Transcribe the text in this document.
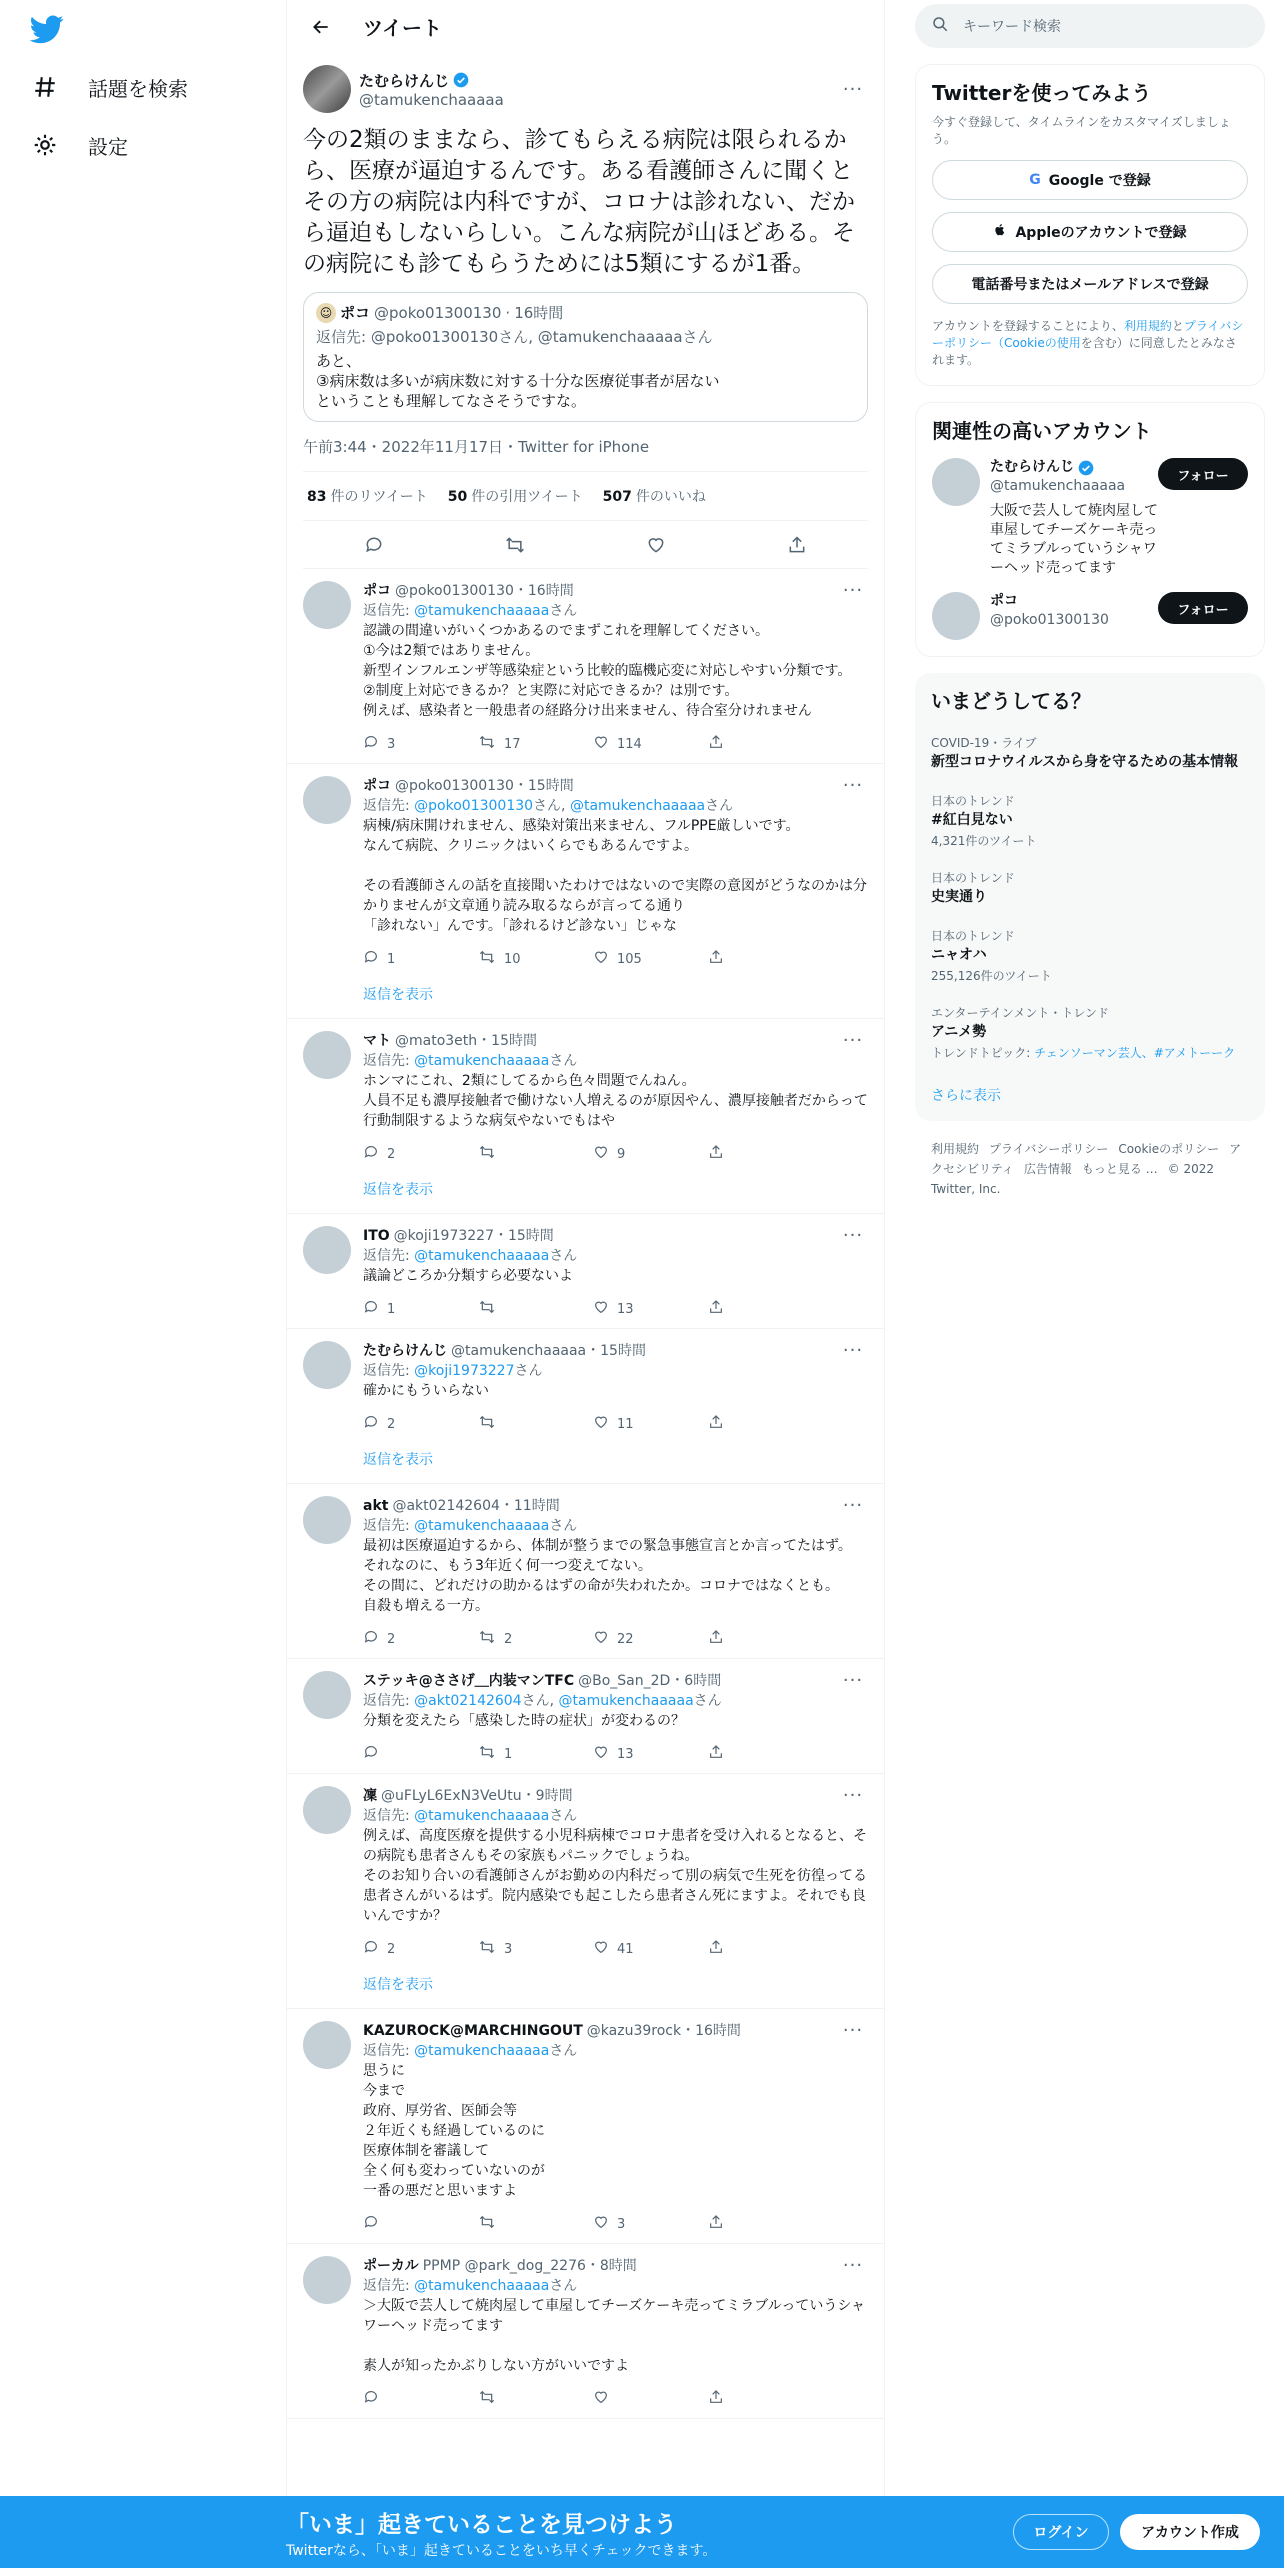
話題を検索
設定
ツイート
たむらけんじ
@tamukenchaaaaa	···
今の2類のままなら、診てもらえる病院は限られるから、医療が逼迫するんです。ある看護師さんに聞くとその方の病院は内科ですが、コロナは診れない、だから逼迫もしないらしい。こんな病院が山ほどある。その病院にも診てもらうためには5類にするが1番。
☺ ポコ @poko01300130 · 16時間
返信先: @poko01300130さん, @tamukenchaaaaaさん
あと、
③病床数は多いが病床数に対する十分な医療従事者が居ない
ということも理解してなさそうですな。
午前3:44・2022年11月17日・Twitter for iPhone
83 件のリツイート 50 件の引用ツイート 507 件のいいね
ポコ @poko01300130・16時間	···
返信先: @tamukenchaaaaaさん
認識の間違いがいくつかあるのでまずこれを理解してください。
①今は2類ではありません。
新型インフルエンザ等感染症という比較的臨機応変に対応しやすい分類です。
②制度上対応できるか？と実際に対応できるか？は別です。
例えば、感染者と一般患者の経路分け出来ません、待合室分けれません
3	17	114
ポコ @poko01300130・15時間	···
返信先: @poko01300130さん, @tamukenchaaaaaさん
病棟/病床開けれません、感染対策出来ません、フルPPE厳しいです。
なんて病院、クリニックはいくらでもあるんですよ。

その看護師さんの話を直接聞いたわけではないので実際の意図がどうなのかは分かりませんが文章通り読み取るならが言ってる通り
「診れない」んです。「診れるけど診ない」じゃな
1	10	105
返信を表示
マト @mato3eth・15時間	···
返信先: @tamukenchaaaaaさん
ホンマにこれ、2類にしてるから色々問題でんねん。
人員不足も濃厚接触者で働けない人増えるのが原因やん、濃厚接触者だからって行動制限するような病気やないでもはや
2	9
返信を表示
ITO @koji1973227・15時間	···
返信先: @tamukenchaaaaaさん
議論どころか分類すら必要ないよ
1	13
たむらけんじ @tamukenchaaaaa・15時間	···
返信先: @koji1973227さん
確かにもういらない
2	11
返信を表示
akt @akt02142604・11時間	···
返信先: @tamukenchaaaaaさん
最初は医療逼迫するから、体制が整うまでの緊急事態宣言とか言ってたはず。
それなのに、もう3年近く何一つ変えてない。
その間に、どれだけの助かるはずの命が失われたか。コロナではなくとも。
自殺も増える一方。
2	2	22
ステッキ@ささげ＿内装マンTFC @Bo_San_2D・6時間	···
返信先: @akt02142604さん, @tamukenchaaaaaさん
分類を変えたら「感染した時の症状」が変わるの？
1	13
凜 @uFLyL6ExN3VeUtu・9時間	···
返信先: @tamukenchaaaaaさん
例えば、高度医療を提供する小児科病棟でコロナ患者を受け入れるとなると、その病院も患者さんもその家族もパニックでしょうね。
そのお知り合いの看護師さんがお勤めの内科だって別の病気で生死を彷徨ってる患者さんがいるはず。院内感染でも起こしたら患者さん死にますよ。それでも良いんですか？
2	3	41
返信を表示
KAZUROCK@MARCHINGOUT @kazu39rock・16時間	···
返信先: @tamukenchaaaaaさん
思うに
今まで
政府、厚労省、医師会等
２年近くも経過しているのに
医療体制を審議して
全く何も変わっていないのが
一番の悪だと思いますよ
3
ポーカル PPMP @park_dog_2276・8時間	···
返信先: @tamukenchaaaaaさん
＞大阪で芸人して焼肉屋して車屋してチーズケーキ売ってミラブルっていうシャワーヘッド売ってます

素人が知ったかぶりしない方がいいですよ
キーワード検索
Twitterを使ってみよう
今すぐ登録して、タイムラインをカスタマイズしましょう。
G Google で登録
Appleのアカウントで登録
電話番号またはメールアドレスで登録
アカウントを登録することにより、利用規約とプライバシーポリシー（Cookieの使用を含む）に同意したとみなされます。
関連性の高いアカウント
たむらけんじ
@tamukenchaaaaa
大阪で芸人して焼肉屋して車屋してチーズケーキ売ってミラブルっていうシャワーヘッド売ってます
フォロー
ポコ
@poko01300130
フォロー
いまどうしてる？
COVID-19・ライブ
新型コロナウイルスから身を守るための基本情報
日本のトレンド
#紅白見ない
4,321件のツイート
日本のトレンド
史実通り
日本のトレンド
ニャオハ
255,126件のツイート
エンターテインメント・トレンド
アニメ勢
トレンドトピック: チェンソーマン芸人、#アメトーーク
さらに表示
利用規約 プライバシーポリシー Cookieのポリシー アクセシビリティ 広告情報 もっと見る … © 2022 Twitter, Inc.
「いま」起きていることを見つけよう
Twitterなら、「いま」起きていることをいち早くチェックできます。
ログイン	アカウント作成
